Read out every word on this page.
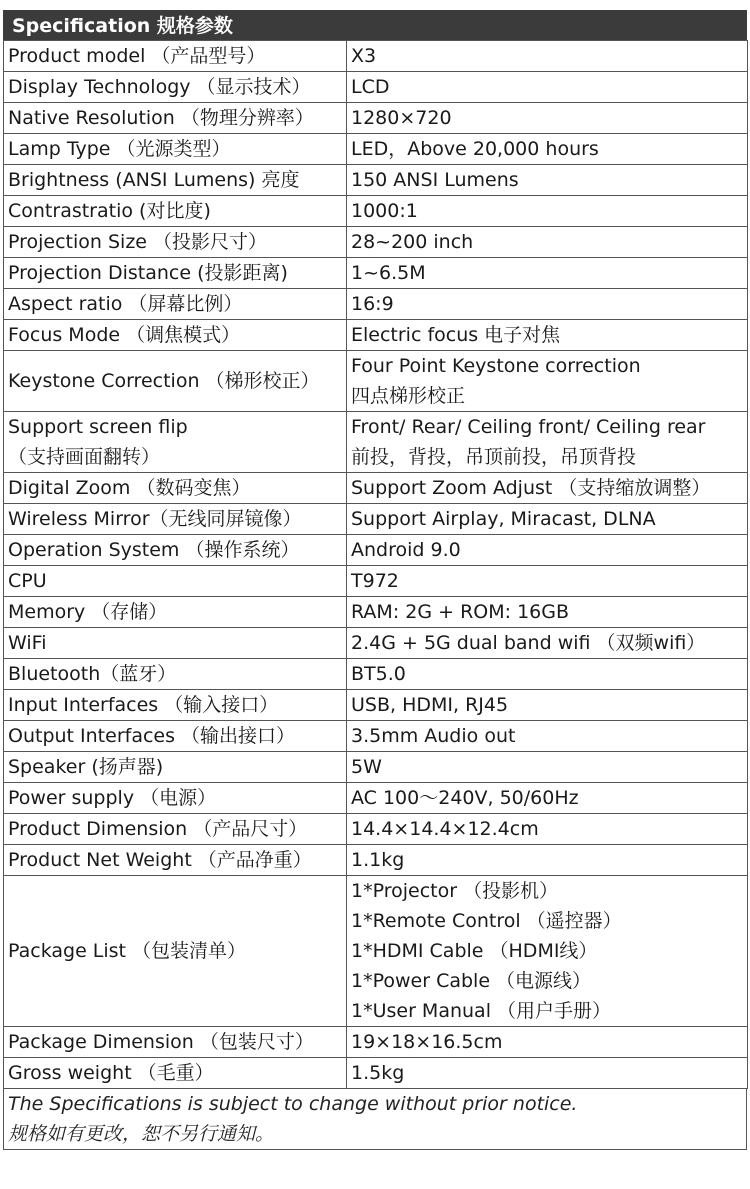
Specification 规格参数
Product model （产品型号）	X3
Display Technology （显示技术）	LCD
Native Resolution （物理分辨率）	1280×720
Lamp Type （光源类型）	LED，Above 20,000 hours
Brightness (ANSI Lumens) 亮度	150 ANSI Lumens
Contrastratio (对比度)	1000:1
Projection Size （投影尺寸）	28~200 inch
Projection Distance (投影距离)	1~6.5M
Aspect ratio （屏幕比例）	16:9
Focus Mode （调焦模式）	Electric focus 电子对焦
Keystone Correction （梯形校正）	Four Point Keystone correction
四点梯形校正

Support screen flip
（支持画面翻转）	Front/ Rear/ Ceiling front/ Ceiling rear
前投，背投，吊顶前投，吊顶背投

Digital Zoom （数码变焦）	Support Zoom Adjust （支持缩放调整）
Wireless Mirror（无线同屏镜像）	Support Airplay, Miracast, DLNA
Operation System （操作系统）	Android 9.0
CPU	T972
Memory （存储）	RAM: 2G + ROM: 16GB
WiFi	2.4G + 5G dual band wifi （双频wifi）
Bluetooth（蓝牙）	BT5.0
Input Interfaces （输入接口）	USB, HDMI, RJ45
Output Interfaces （输出接口）	3.5mm Audio out
Speaker (扬声器)	5W
Power supply （电源）	AC 100～240V, 50/60Hz
Product Dimension （产品尺寸）	14.4×14.4×12.4cm
Product Net Weight （产品净重）	1.1kg
Package List （包装清单）	1*Projector （投影机）
1*Remote Control （遥控器）
1*HDMI Cable （HDMI线）
1*Power Cable （电源线）
1*User Manual （用户手册）

Package Dimension （包装尺寸）	19×18×16.5cm
Gross weight （毛重）	1.5kg
The Specifications is subject to change without prior notice.
规格如有更改，恕不另行通知。
